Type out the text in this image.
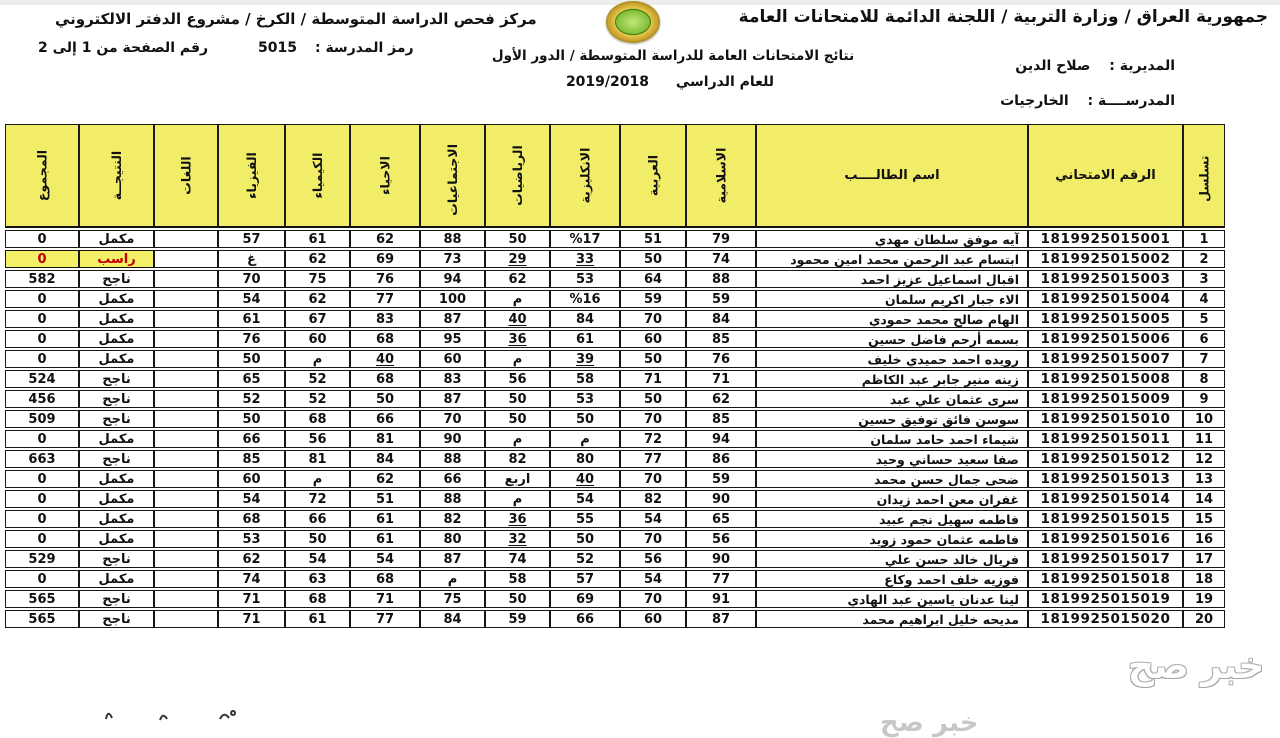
جمهورية العراق / وزارة التربية / اللجنة الدائمة للامتحانات العامة
مركز فحص الدراسة المتوسطة / الكرخ / مشروع الدفتر الالكتروني
رمز المدرسة :
5015
رقم الصفحة من 1 إلى 2	نتائج الامتحانات العامة للدراسة المتوسطة / الدور الأول
للعام الدراسي 2019/2018
المديرية : صلاح الدين
المدرســــة : الخارجيات
تسلسل	الرقم الامتحاني	اسم الطالــــب	الاسلامية	العربية	الانكليزية	الرياضيات	الاجتماعيات	الاحياء	الكيمياء	الفيزياء	اللغات	النتيجــة	المجموع

1	1819925015001	آيه موفق سلطان مهدي	79	51	%17	50	88	62	61	57		مكمل	0
2	1819925015002	ابتسام عبد الرحمن محمد امين محمود	74	50	33	29	73	69	62	غ		راسب	0
3	1819925015003	اقبال اسماعيل عزيز احمد	88	64	53	62	94	76	75	70		ناجح	582
4	1819925015004	الاء جبار اكريم سلمان	59	59	%16	م	100	77	62	54		مكمل	0
5	1819925015005	الهام صالح محمد حمودي	84	70	84	40	87	83	67	61		مكمل	0
6	1819925015006	بسمه أرحم فاضل حسين	85	60	61	36	95	68	60	76		مكمل	0
7	1819925015007	رويده احمد حميدي خليف	76	50	39	م	60	40	م	50		مكمل	0
8	1819925015008	زينه منير جابر عبد الكاظم	71	71	58	56	83	68	52	65		ناجح	524
9	1819925015009	سرى عثمان علي عبد	62	50	53	50	87	50	52	52		ناجح	456
10	1819925015010	سوسن فائق توفيق حسين	85	70	50	50	70	66	68	50		ناجح	509
11	1819925015011	شيماء احمد حامد سلمان	94	72	م	م	90	81	56	66		مكمل	0
12	1819925015012	صفا سعيد حساني وحيد	86	77	80	82	88	84	81	85		ناجح	663
13	1819925015013	ضحى جمال حسن محمد	59	70	40	اربع	66	62	م	60		مكمل	0
14	1819925015014	غفران معن احمد زيدان	90	82	54	م	88	51	72	54		مكمل	0
15	1819925015015	فاطمه سهيل نجم عبيد	65	54	55	36	82	61	66	68		مكمل	0
16	1819925015016	فاطمه عثمان حمود زويد	56	70	50	32	80	61	50	53		مكمل	0
17	1819925015017	فريال خالد حسن علي	90	56	52	74	87	54	54	62		ناجح	529
18	1819925015018	فوزيه خلف احمد وكاع	77	54	57	58	م	68	63	74		مكمل	0
19	1819925015019	لينا عدنان ياسين عبد الهادي	91	70	69	50	75	71	68	71		ناجح	565
20	1819925015020	مديحه خليل ابراهيم محمد	87	60	66	59	84	77	61	71		ناجح	565
خبر صح
خبر صح
